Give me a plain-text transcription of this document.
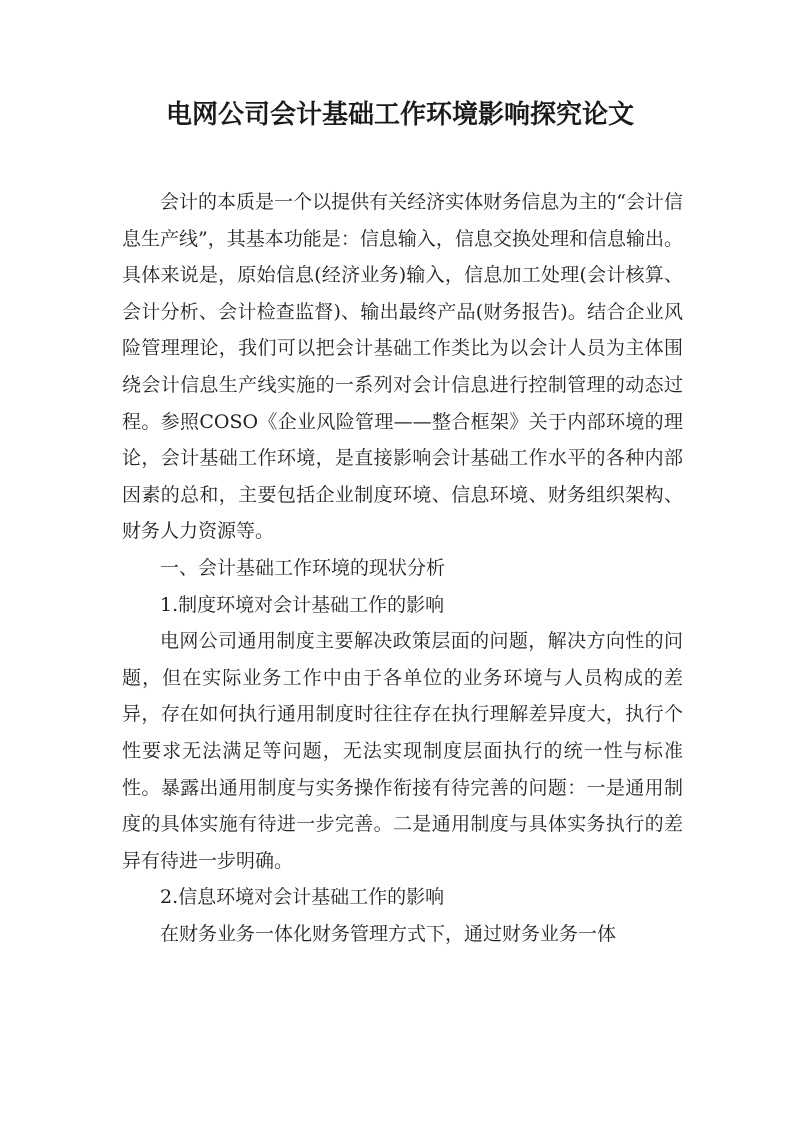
电网公司会计基础工作环境影响探究论文

会计的本质是一个以提供有关经济实体财务信息为主的“会计信息生产线”，其基本功能是：信息输入，信息交换处理和信息输出。具体来说是，原始信息(经济业务)输入，信息加工处理(会计核算、会计分析、会计检查监督)、输出最终产品(财务报告)。结合企业风险管理理论，我们可以把会计基础工作类比为以会计人员为主体围绕会计信息生产线实施的一系列对会计信息进行控制管理的动态过程。参照COSO《企业风险管理——整合框架》关于内部环境的理论，会计基础工作环境，是直接影响会计基础工作水平的各种内部因素的总和，主要包括企业制度环境、信息环境、财务组织架构、财务人力资源等。

一、会计基础工作环境的现状分析

1.制度环境对会计基础工作的影响

电网公司通用制度主要解决政策层面的问题，解决方向性的问题，但在实际业务工作中由于各单位的业务环境与人员构成的差异，存在如何执行通用制度时往往存在执行理解差异度大，执行个性要求无法满足等问题，无法实现制度层面执行的统一性与标准性。暴露出通用制度与实务操作衔接有待完善的问题：一是通用制度的具体实施有待进一步完善。二是通用制度与具体实务执行的差异有待进一步明确。

2.信息环境对会计基础工作的影响

在财务业务一体化财务管理方式下，通过财务业务一体
